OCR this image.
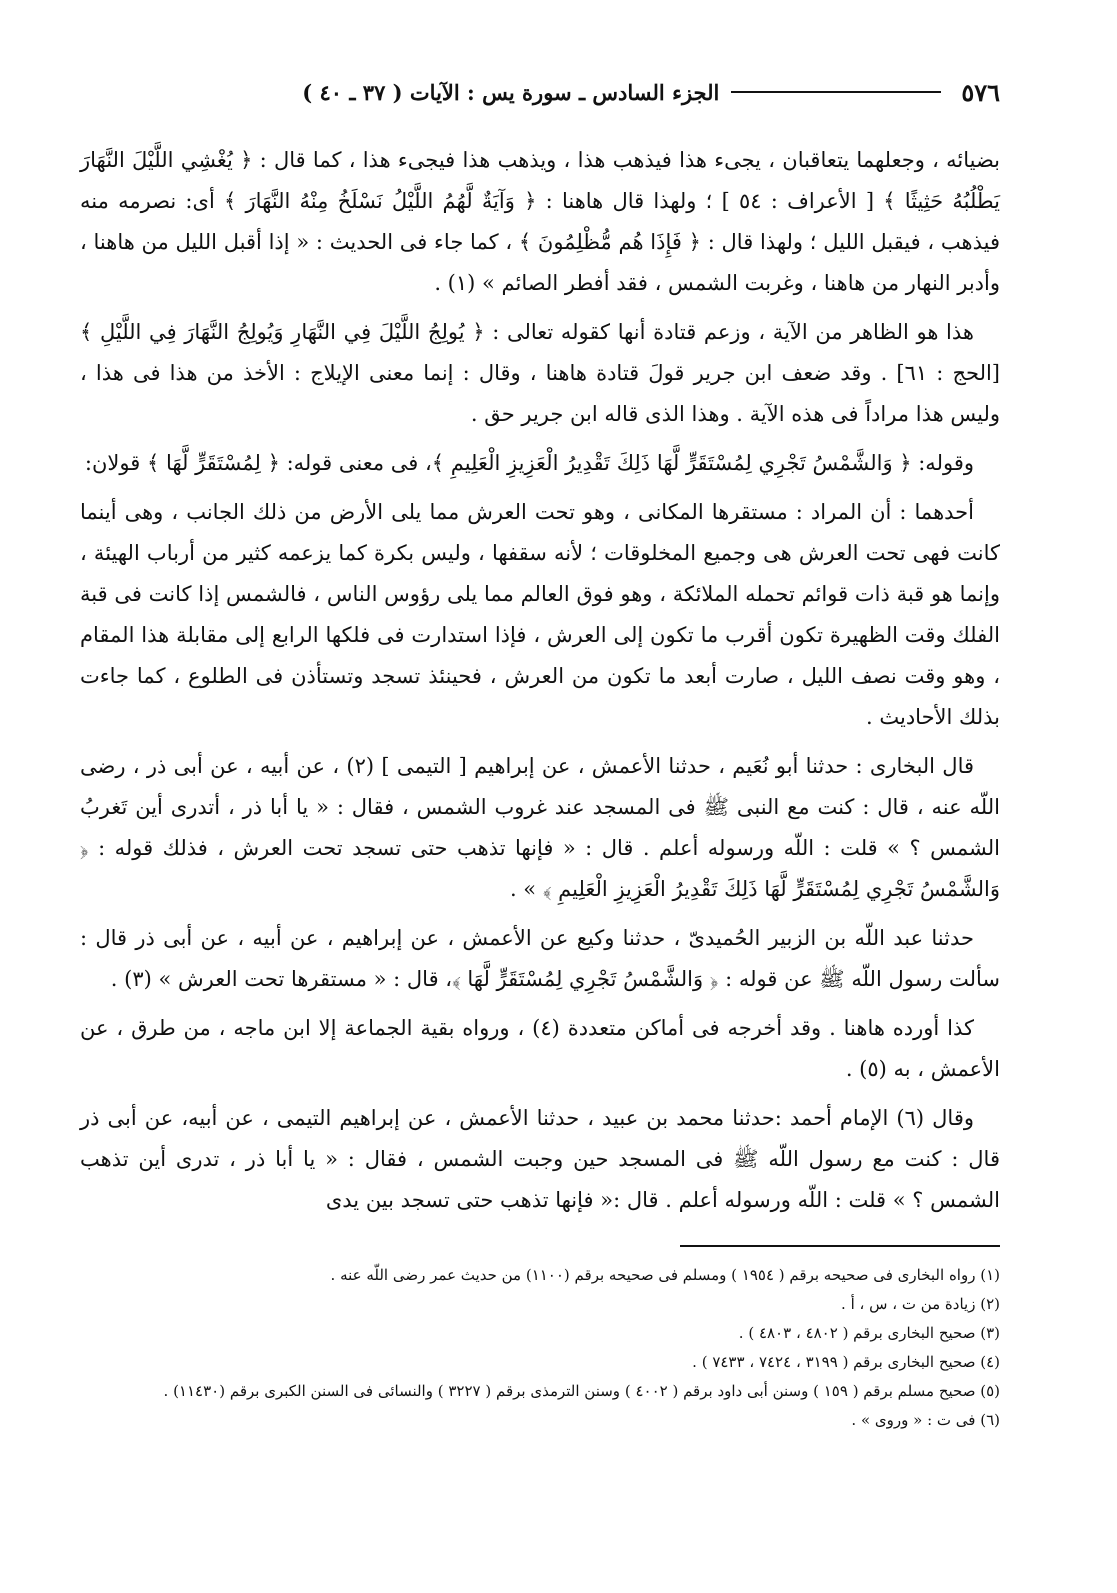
٥٧٦
الجزء السادس ـ سورة يس : الآيات ( ٣٧ ـ ٤٠ )

بضيائه ، وجعلهما يتعاقبان ، يجىء هذا فيذهب هذا ، ويذهب هذا فيجىء هذا ، كما قال : ﴿ يُغْشِي اللَّيْلَ النَّهَارَ يَطْلُبُهُ حَثِيثًا ﴾ [ الأعراف : ٥٤ ] ؛ ولهذا قال هاهنا : ﴿ وَآيَةٌ لَّهُمُ اللَّيْلُ نَسْلَخُ مِنْهُ النَّهَارَ ﴾ أى: نصرمه منه فيذهب ، فيقبل الليل ؛ ولهذا قال : ﴿ فَإِذَا هُم مُّظْلِمُونَ ﴾ ، كما جاء فى الحديث : « إذا أقبل الليل من هاهنا ، وأدبر النهار من هاهنا ، وغربت الشمس ، فقد أفطر الصائم » (١) .

هذا هو الظاهر من الآية ، وزعم قتادة أنها كقوله تعالى : ﴿ يُولِجُ اللَّيْلَ فِي النَّهَارِ وَيُولِجُ النَّهَارَ فِي اللَّيْلِ ﴾ [الحج : ٦١] . وقد ضعف ابن جرير قولَ قتادة هاهنا ، وقال : إنما معنى الإيلاج : الأخذ من هذا فى هذا ، وليس هذا مراداً فى هذه الآية . وهذا الذى قاله ابن جرير حق .

وقوله: ﴿ وَالشَّمْسُ تَجْرِي لِمُسْتَقَرٍّ لَّهَا ذَلِكَ تَقْدِيرُ الْعَزِيزِ الْعَلِيمِ ﴾، فى معنى قوله: ﴿ لِمُسْتَقَرٍّ لَّهَا ﴾ قولان:

أحدهما : أن المراد : مستقرها المكانى ، وهو تحت العرش مما يلى الأرض من ذلك الجانب ، وهى أينما كانت فهى تحت العرش هى وجميع المخلوقات ؛ لأنه سقفها ، وليس بكرة كما يزعمه كثير من أرباب الهيئة ، وإنما هو قبة ذات قوائم تحمله الملائكة ، وهو فوق العالم مما يلى رؤوس الناس ، فالشمس إذا كانت فى قبة الفلك وقت الظهيرة تكون أقرب ما تكون إلى العرش ، فإذا استدارت فى فلكها الرابع إلى مقابلة هذا المقام ، وهو وقت نصف الليل ، صارت أبعد ما تكون من العرش ، فحينئذ تسجد وتستأذن فى الطلوع ، كما جاءت بذلك الأحاديث .

قال البخارى : حدثنا أبو نُعَيم ، حدثنا الأعمش ، عن إبراهيم [ التيمى ] (٢) ، عن أبيه ، عن أبى ذر ، رضى اللّه عنه ، قال : كنت مع النبى ﷺ فى المسجد عند غروب الشمس ، فقال : « يا أبا ذر ، أتدرى أين تَغربُ الشمس ؟ » قلت : اللّه ورسوله أعلم . قال : « فإنها تذهب حتى تسجد تحت العرش ، فذلك قوله : ﴿ وَالشَّمْسُ تَجْرِي لِمُسْتَقَرٍّ لَّهَا ذَلِكَ تَقْدِيرُ الْعَزِيزِ الْعَلِيمِ ﴾ » .

حدثنا عبد اللّه بن الزبير الحُميدىّ ، حدثنا وكيع عن الأعمش ، عن إبراهيم ، عن أبيه ، عن أبى ذر قال : سألت رسول اللّه ﷺ عن قوله : ﴿ وَالشَّمْسُ تَجْرِي لِمُسْتَقَرٍّ لَّهَا ﴾، قال : « مستقرها تحت العرش » (٣) .

كذا أورده هاهنا . وقد أخرجه فى أماكن متعددة (٤) ، ورواه بقية الجماعة إلا ابن ماجه ، من طرق ، عن الأعمش ، به (٥) .

وقال (٦) الإمام أحمد :حدثنا محمد بن عبيد ، حدثنا الأعمش ، عن إبراهيم التيمى ، عن أبيه، عن أبى ذر قال : كنت مع رسول اللّه ﷺ فى المسجد حين وجبت الشمس ، فقال : « يا أبا ذر ، تدرى أين تذهب الشمس ؟ » قلت : اللّه ورسوله أعلم . قال :« فإنها تذهب حتى تسجد بين يدى

(١) رواه البخارى فى صحيحه برقم ( ١٩٥٤ ) ومسلم فى صحيحه برقم (١١٠٠) من حديث عمر رضى اللّه عنه .
(٢) زيادة من ت ، س ، أ .
(٣) صحيح البخارى برقم ( ٤٨٠٢ ، ٤٨٠٣ ) .
(٤) صحيح البخارى برقم ( ٣١٩٩ ، ٧٤٢٤ ، ٧٤٣٣ ) .
(٥) صحيح مسلم برقم ( ١٥٩ ) وسنن أبى داود برقم ( ٤٠٠٢ ) وسنن الترمذى برقم ( ٣٢٢٧ ) والنسائى فى السنن الكبرى برقم (١١٤٣٠) .
(٦) فى ت : « وروى » .
